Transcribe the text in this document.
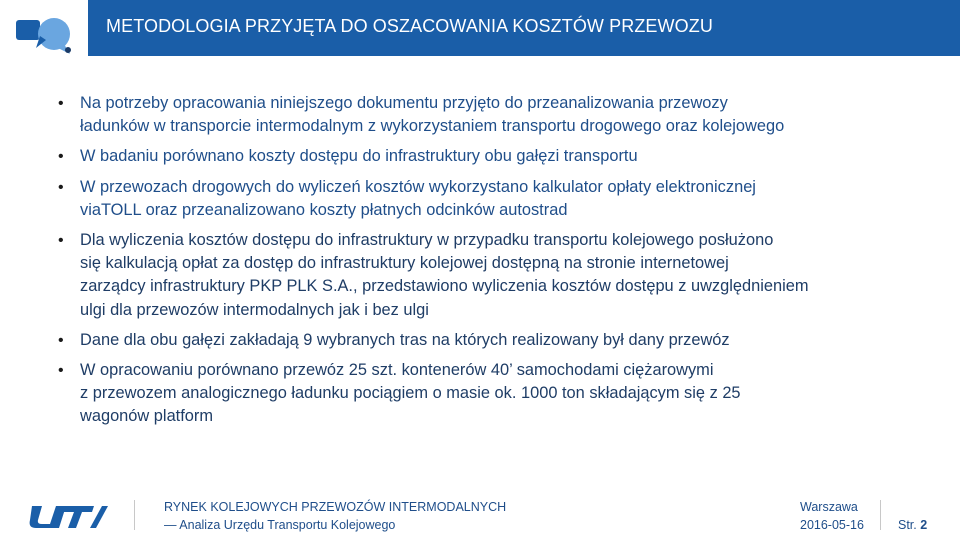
METODOLOGIA PRZYJĘTA DO OSZACOWANIA KOSZTÓW PRZEWOZU
• Na potrzeby opracowania niniejszego dokumentu przyjęto do przeanalizowania przewozy
ładunków w transporcie intermodalnym z wykorzystaniem transportu drogowego oraz kolejowego
• W badaniu porównano koszty dostępu do infrastruktury obu gałęzi transportu
• W przewozach drogowych do wyliczeń kosztów wykorzystano kalkulator opłaty elektronicznej
viaTOLL oraz przeanalizowano koszty płatnych odcinków autostrad
• Dla wyliczenia kosztów dostępu do infrastruktury w przypadku transportu kolejowego posłużono
się kalkulacją opłat za dostęp do infrastruktury kolejowej dostępną na stronie internetowej
zarządcy infrastruktury PKP PLK S.A., przedstawiono wyliczenia kosztów dostępu z uwzględnieniem
ulgi dla przewozów intermodalnych jak i bez ulgi
• Dane dla obu gałęzi zakładają 9 wybranych tras na których realizowany był dany przewóz
• W opracowaniu porównano przewóz 25 szt. kontenerów 40’ samochodami ciężarowymi
z przewozem analogicznego ładunku pociągiem o masie ok. 1000 ton składającym się z 25
wagonów platform
RYNEK KOLEJOWYCH PRZEWOZÓW INTERMODALNYCH
— Analiza Urzędu Transportu Kolejowego
Warszawa
2016-05-16	Str. 2
